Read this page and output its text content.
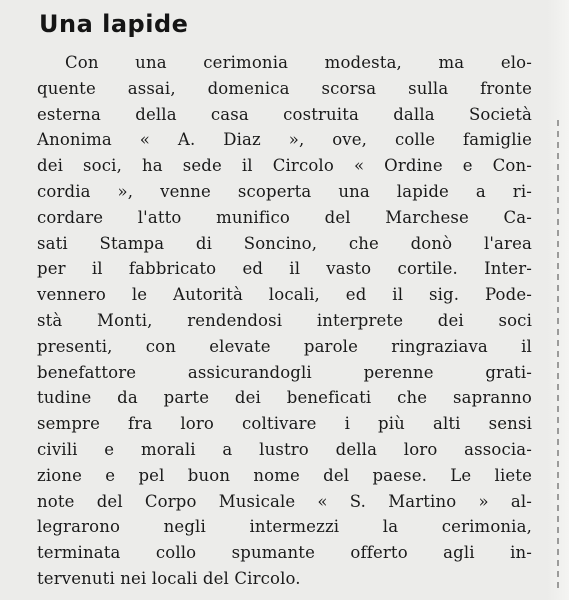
Una lapide
Con una cerimonia modesta, ma elo-
quente assai, domenica scorsa sulla fronte
esterna della casa costruita dalla Società
Anonima « A. Diaz », ove, colle famiglie
dei soci, ha sede il Circolo « Ordine e Con-
cordia », venne scoperta una lapide a ri-
cordare l'atto munifico del Marchese Ca-
sati Stampa di Soncino, che donò l'area
per il fabbricato ed il vasto cortile. Inter-
vennero le Autorità locali, ed il sig. Pode-
stà Monti, rendendosi interprete dei soci
presenti, con elevate parole ringraziava il
benefattore assicurandogli perenne grati-
tudine da parte dei beneficati che sapranno
sempre fra loro coltivare i più alti sensi
civili e morali a lustro della loro associa-
zione e pel buon nome del paese. Le liete
note del Corpo Musicale « S. Martino » al-
legrarono negli intermezzi la cerimonia,
terminata collo spumante offerto agli in-
tervenuti nei locali del Circolo.
